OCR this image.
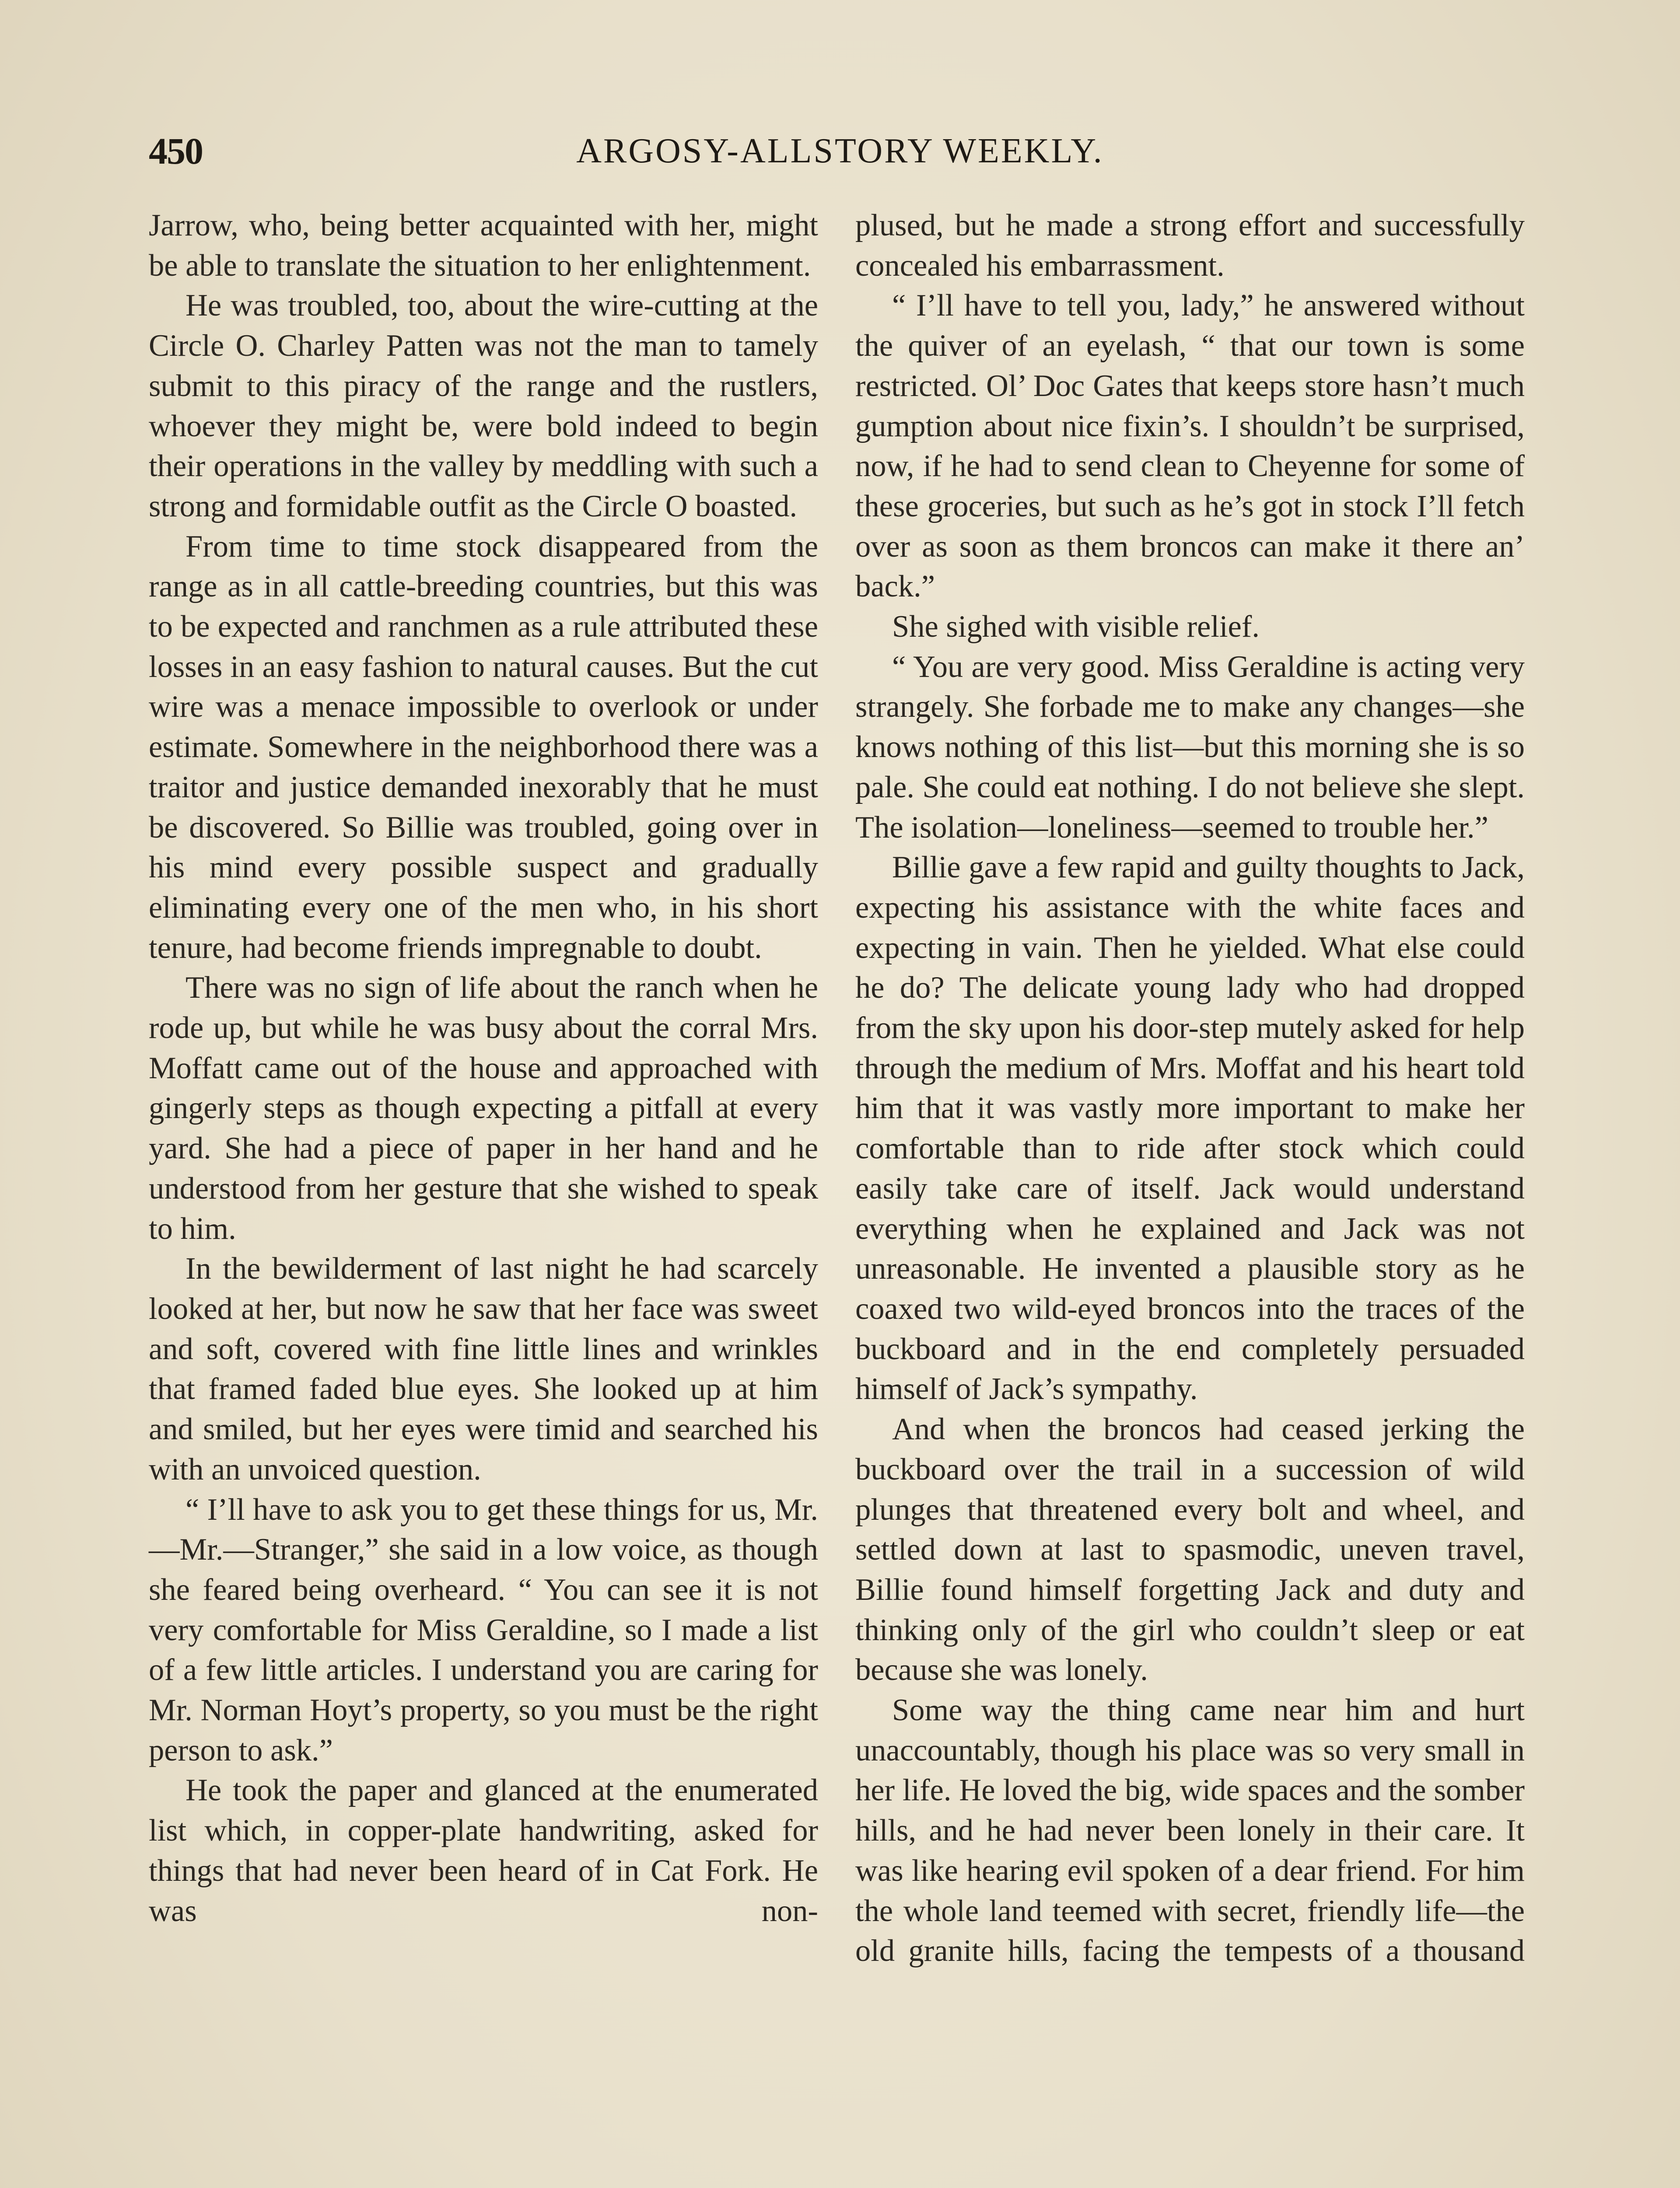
450	ARGOSY-ALLSTORY WEEKLY.

Jarrow, who, being better acquainted with her, might be able to translate the situation to her enlightenment.

He was troubled, too, about the wire-cutting at the Circle O. Charley Patten was not the man to tamely submit to this piracy of the range and the rustlers, whoever they might be, were bold indeed to begin their operations in the valley by meddling with such a strong and formidable outfit as the Circle O boasted.

From time to time stock disappeared from the range as in all cattle-breeding countries, but this was to be expected and ranchmen as a rule attributed these losses in an easy fashion to natural causes. But the cut wire was a menace impossible to overlook or under estimate. Somewhere in the neighborhood there was a traitor and justice demanded inexorably that he must be discovered. So Billie was troubled, going over in his mind every possible suspect and gradually eliminating every one of the men who, in his short tenure, had become friends impregnable to doubt.

There was no sign of life about the ranch when he rode up, but while he was busy about the corral Mrs. Moffatt came out of the house and approached with gingerly steps as though expecting a pitfall at every yard. She had a piece of paper in her hand and he understood from her gesture that she wished to speak to him.

In the bewilderment of last night he had scarcely looked at her, but now he saw that her face was sweet and soft, covered with fine little lines and wrinkles that framed faded blue eyes. She looked up at him and smiled, but her eyes were timid and searched his with an unvoiced question.

“ I’ll have to ask you to get these things for us, Mr.—Mr.—Stranger,” she said in a low voice, as though she feared being overheard. “ You can see it is not very comfortable for Miss Geraldine, so I made a list of a few little articles. I understand you are caring for Mr. Norman Hoyt’s property, so you must be the right person to ask.”

He took the paper and glanced at the enumerated list which, in copper-plate handwriting, asked for things that had never been heard of in Cat Fork. He was non-

plused, but he made a strong effort and successfully concealed his embarrassment.

“ I’ll have to tell you, lady,” he answered without the quiver of an eyelash, “ that our town is some restricted. Ol’ Doc Gates that keeps store hasn’t much gumption about nice fixin’s. I shouldn’t be surprised, now, if he had to send clean to Cheyenne for some of these groceries, but such as he’s got in stock I’ll fetch over as soon as them broncos can make it there an’ back.”

She sighed with visible relief.

“ You are very good. Miss Geraldine is acting very strangely. She forbade me to make any changes—she knows nothing of this list—but this morning she is so pale. She could eat nothing. I do not believe she slept. The isolation—loneliness—seemed to trouble her.”

Billie gave a few rapid and guilty thoughts to Jack, expecting his assistance with the white faces and expecting in vain. Then he yielded. What else could he do? The delicate young lady who had dropped from the sky upon his door-step mutely asked for help through the medium of Mrs. Moffat and his heart told him that it was vastly more important to make her comfortable than to ride after stock which could easily take care of itself. Jack would understand everything when he explained and Jack was not unreasonable. He invented a plausible story as he coaxed two wild-eyed broncos into the traces of the buckboard and in the end completely persuaded himself of Jack’s sympathy.

And when the broncos had ceased jerking the buckboard over the trail in a succession of wild plunges that threatened every bolt and wheel, and settled down at last to spasmodic, uneven travel, Billie found himself forgetting Jack and duty and thinking only of the girl who couldn’t sleep or eat because she was lonely.

Some way the thing came near him and hurt unaccountably, though his place was so very small in her life. He loved the big, wide spaces and the somber hills, and he had never been lonely in their care. It was like hearing evil spoken of a dear friend. For him the whole land teemed with secret, friendly life—the old granite hills, facing the tempests of a thousand
